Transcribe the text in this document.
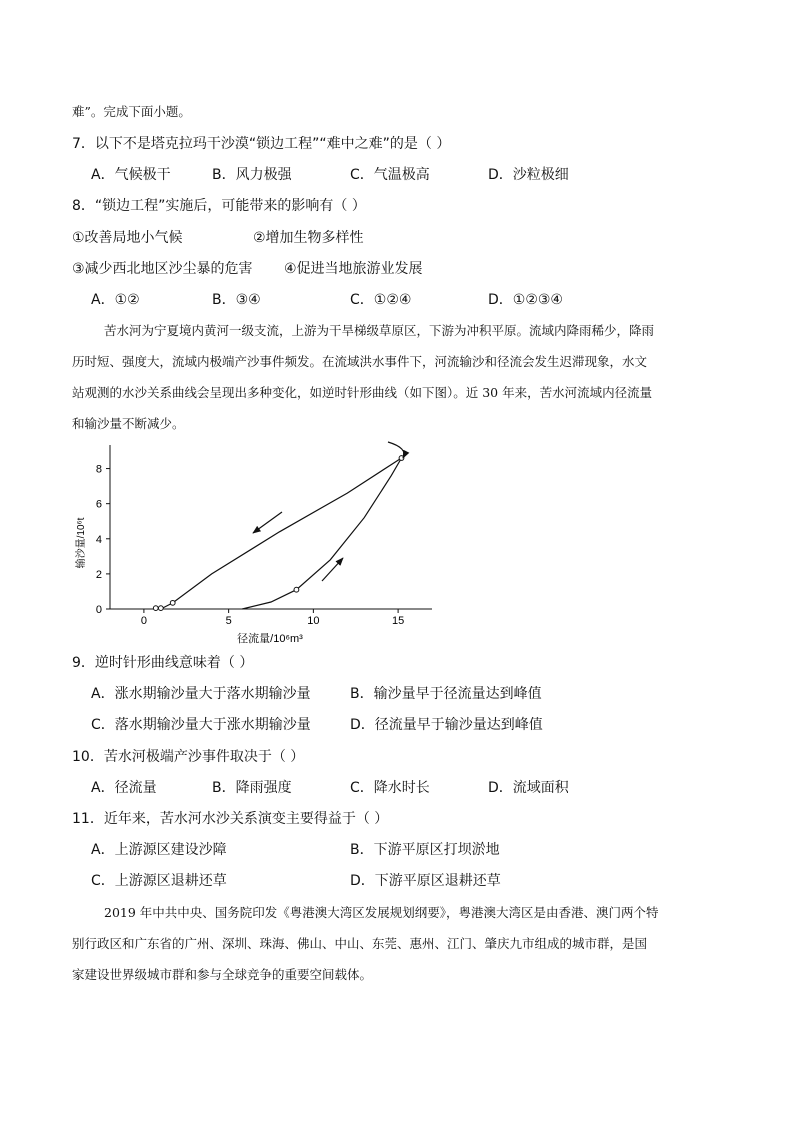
难”。完成下面小题。
7．以下不是塔克拉玛干沙漠“锁边工程”“难中之难”的是（ ）
A．气候极干	B．风力极强	C．气温极高	D．沙粒极细
8．“锁边工程”实施后，可能带来的影响有（ ）
①改善局地小气候	②增加生物多样性
③减少西北地区沙尘暴的危害 ④促进当地旅游业发展
A．①②	B．③④	C．①②④	D．①②③④
苦水河为宁夏境内黄河一级支流，上游为干旱梯级草原区，下游为冲积平原。流域内降雨稀少，降雨
历时短、强度大，流域内极端产沙事件频发。在流域洪水事件下，河流输沙和径流会发生迟滞现象，水文
站观测的水沙关系曲线会呈现出多种变化，如逆时针形曲线（如下图）。近 30 年来，苦水河流域内径流量
和输沙量不断减少。
0	5	10	15
0
2
4
6
8
输沙量/10⁶t
径流量/10⁶m³
9．逆时针形曲线意味着（ ）
A．涨水期输沙量大于落水期输沙量	B．输沙量早于径流量达到峰值
C．落水期输沙量大于涨水期输沙量	D．径流量早于输沙量达到峰值
10．苦水河极端产沙事件取决于（ ）
A．径流量	B．降雨强度	C．降水时长	D．流域面积
11．近年来，苦水河水沙关系演变主要得益于（ ）
A．上游源区建设沙障	B．下游平原区打坝淤地
C．上游源区退耕还草	D．下游平原区退耕还草
2019 年中共中央、国务院印发《粤港澳大湾区发展规划纲要》，粤港澳大湾区是由香港、澳门两个特
别行政区和广东省的广州、深圳、珠海、佛山、中山、东莞、惠州、江门、肇庆九市组成的城市群，是国
家建设世界级城市群和参与全球竞争的重要空间载体。
